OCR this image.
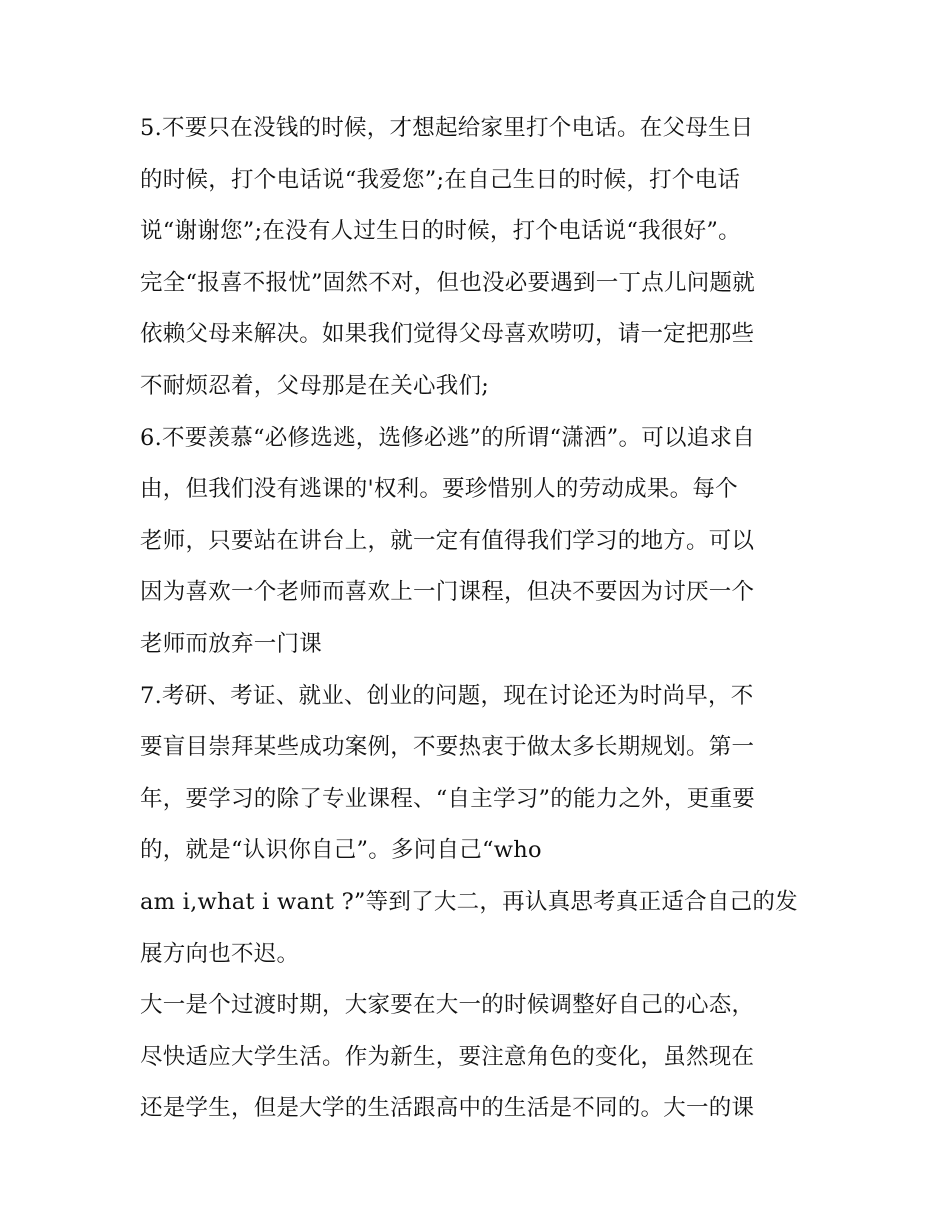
5.不要只在没钱的时候，才想起给家里打个电话。在父母生日
的时候，打个电话说“我爱您”;在自己生日的时候，打个电话
说“谢谢您”;在没有人过生日的时候，打个电话说“我很好”。
完全“报喜不报忧”固然不对，但也没必要遇到一丁点儿问题就
依赖父母来解决。如果我们觉得父母喜欢唠叨，请一定把那些
不耐烦忍着，父母那是在关心我们;
6.不要羡慕“必修选逃，选修必逃”的所谓“潇洒”。可以追求自
由，但我们没有逃课的'权利。要珍惜别人的劳动成果。每个
老师，只要站在讲台上，就一定有值得我们学习的地方。可以
因为喜欢一个老师而喜欢上一门课程，但决不要因为讨厌一个
老师而放弃一门课
7.考研、考证、就业、创业的问题，现在讨论还为时尚早，不
要盲目崇拜某些成功案例，不要热衷于做太多长期规划。第一
年，要学习的除了专业课程、“自主学习”的能力之外，更重要
的，就是“认识你自己”。多问自己“who
am i,what i want ?”等到了大二，再认真思考真正适合自己的发
展方向也不迟。
大一是个过渡时期，大家要在大一的时候调整好自己的心态，
尽快适应大学生活。作为新生，要注意角色的变化，虽然现在
还是学生，但是大学的生活跟高中的生活是不同的。大一的课
